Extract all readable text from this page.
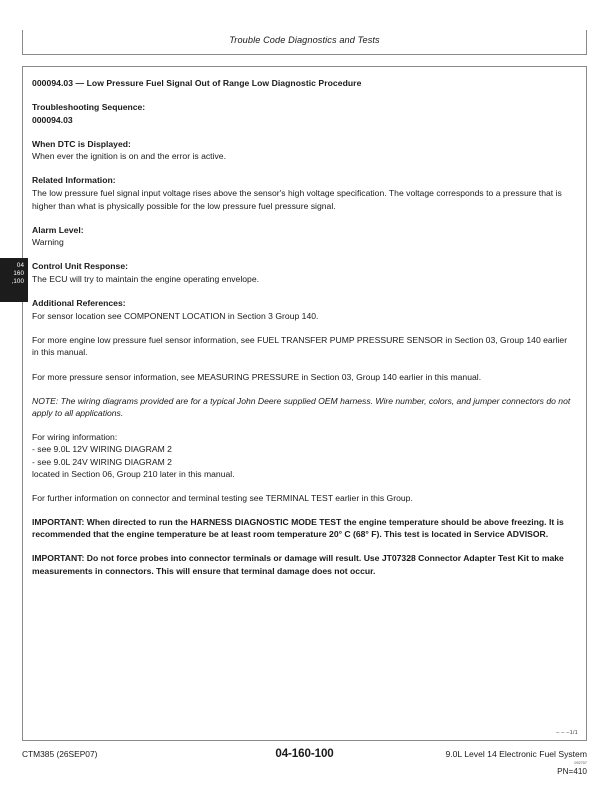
Trouble Code Diagnostics and Tests
000094.03 — Low Pressure Fuel Signal Out of Range Low Diagnostic Procedure
Troubleshooting Sequence:
000094.03
When DTC is Displayed:
When ever the ignition is on and the error is active.
Related Information:
The low pressure fuel signal input voltage rises above the sensor's high voltage specification. The voltage corresponds to a pressure that is higher than what is physically possible for the low pressure fuel pressure signal.
Alarm Level:
Warning
Control Unit Response:
The ECU will try to maintain the engine operating envelope.
Additional References:
For sensor location see COMPONENT LOCATION in Section 3 Group 140.
For more engine low pressure fuel sensor information, see FUEL TRANSFER PUMP PRESSURE SENSOR in Section 03, Group 140 earlier in this manual.
For more pressure sensor information, see MEASURING PRESSURE in Section 03, Group 140 earlier in this manual.
NOTE: The wiring diagrams provided are for a typical John Deere supplied OEM harness. Wire number, colors, and jumper connectors do not apply to all applications.
For wiring information:
- see 9.0L 12V WIRING DIAGRAM 2
- see 9.0L 24V WIRING DIAGRAM 2
located in Section 06, Group 210 later in this manual.
For further information on connector and terminal testing see TERMINAL TEST earlier in this Group.
IMPORTANT: When directed to run the HARNESS DIAGNOSTIC MODE TEST the engine temperature should be above freezing. It is recommended that the engine temperature be at least room temperature 20° C (68° F). This test is located in Service ADVISOR.
IMPORTANT: Do not force probes into connector terminals or damage will result. Use JT07328 Connector Adapter Test Kit to make measurements in connectors. This will ensure that terminal damage does not occur.
– – –1/1
04
160
,100
CTM385 (26SEP07)	04-160-100	9.0L Level 14 Electronic Fuel System
092707
PN=410
